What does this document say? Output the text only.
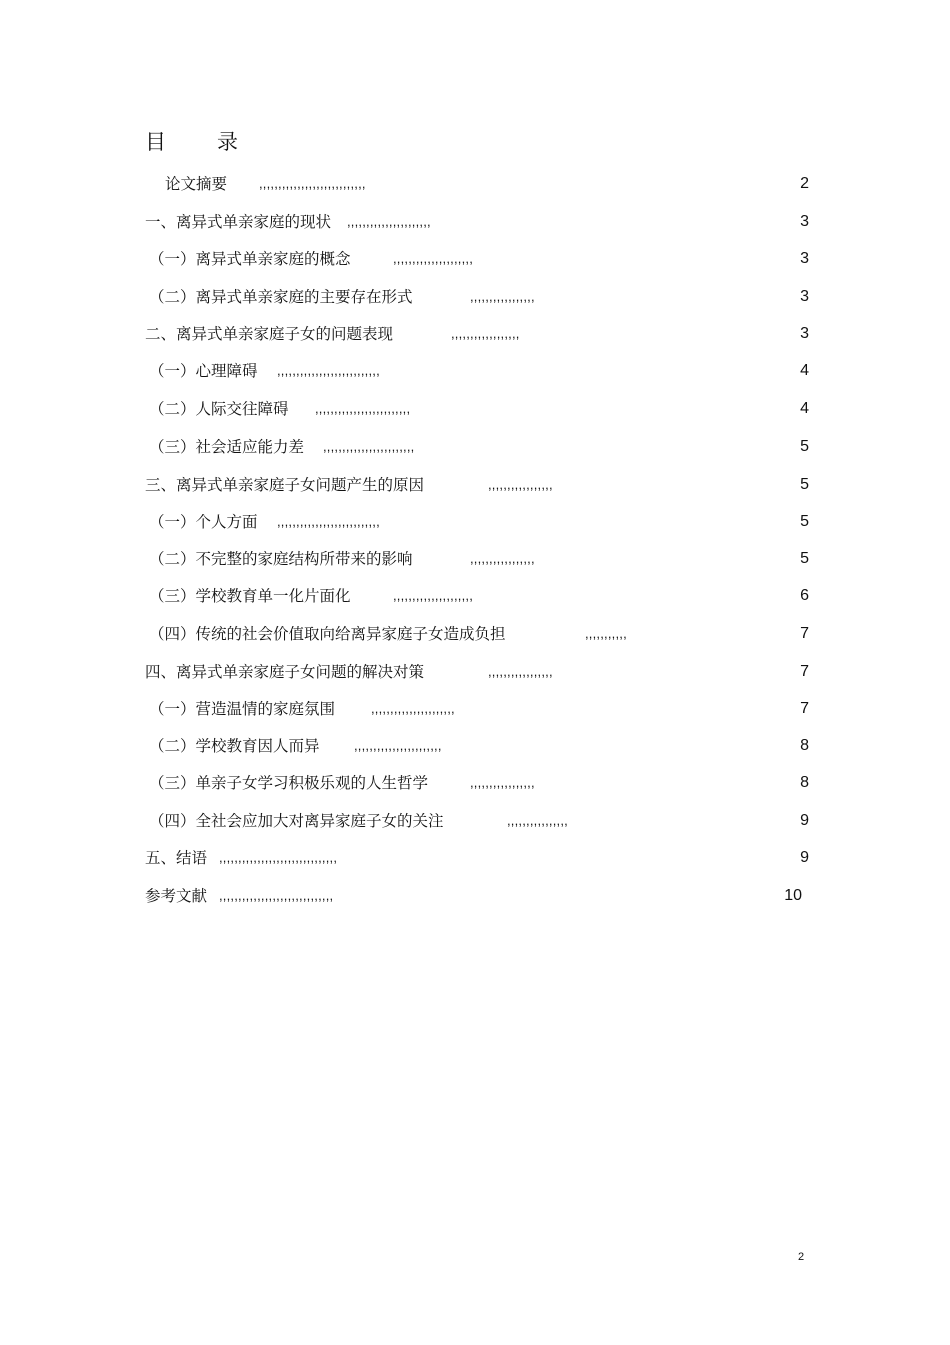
目 录
论文摘要 ,,,,,,,,,,,,,,,,,,,,,,,,,,,,	2
一、离异式单亲家庭的现状 ,,,,,,,,,,,,,,,,,,,,,,	3
（一）离异式单亲家庭的概念	,,,,,,,,,,,,,,,,,,,,,	3
（二）离异式单亲家庭的主要存在形式	,,,,,,,,,,,,,,,,,	3
二、离异式单亲家庭子女的问题表现	,,,,,,,,,,,,,,,,,,	3
（一）心理障碍 ,,,,,,,,,,,,,,,,,,,,,,,,,,,	4
（二）人际交往障碍 ,,,,,,,,,,,,,,,,,,,,,,,,,	4
（三）社会适应能力差 ,,,,,,,,,,,,,,,,,,,,,,,,	5
三、离异式单亲家庭子女问题产生的原因	,,,,,,,,,,,,,,,,,	5
（一）个人方面 ,,,,,,,,,,,,,,,,,,,,,,,,,,,	5
（二）不完整的家庭结构所带来的影响	,,,,,,,,,,,,,,,,,	5
（三）学校教育单一化片面化	,,,,,,,,,,,,,,,,,,,,,	6
（四）传统的社会价值取向给离异家庭子女造成负担	,,,,,,,,,,,	7
四、离异式单亲家庭子女问题的解决对策	,,,,,,,,,,,,,,,,,	7
（一）营造温情的家庭氛围	,,,,,,,,,,,,,,,,,,,,,,	7
（二）学校教育因人而异	,,,,,,,,,,,,,,,,,,,,,,,	8
（三）单亲子女学习积极乐观的人生哲学	,,,,,,,,,,,,,,,,,	8
（四）全社会应加大对离异家庭子女的关注	,,,,,,,,,,,,,,,,	9
五、结语 ,,,,,,,,,,,,,,,,,,,,,,,,,,,,,,,	9
参考文献 ,,,,,,,,,,,,,,,,,,,,,,,,,,,,,,	10
2
